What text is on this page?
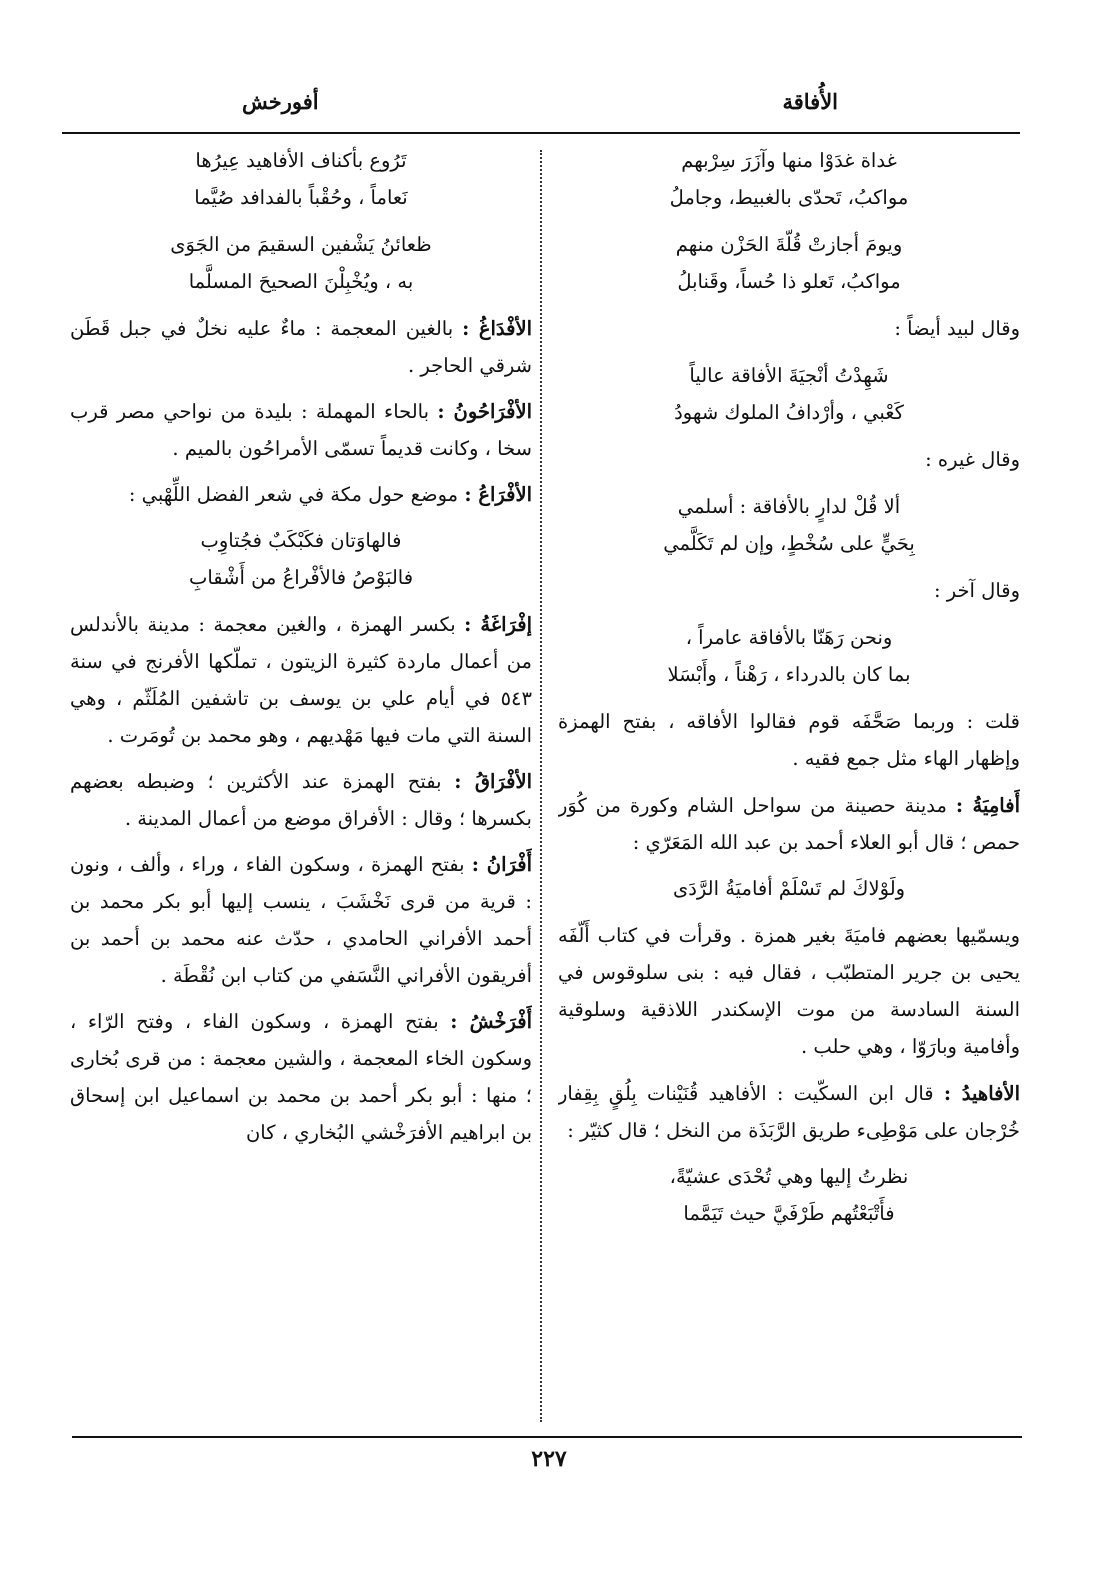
الأُفاقة
أفورخش
غداة غدَوْا منها وآزَرَ سِرْبهم
مواكبُ، تَحدّى بالغبيط، وجاملُ
ويومَ أجازتْ قُلّةَ الحَزْن منهم
مواكبُ، تَعلو ذا حُساً، وقَنابلُ
وقال لبيد أيضاً :
شَهِدْتُ أنْجيَةَ الأفاقة عالياً
كَعْبي ، وأرْدافُ الملوك شهودُ
وقال غيره :
ألا قُلْ لدارٍ بالأفاقة : أسلمي
بِحَيٍّ على سُخْطٍ، وإن لم تَكَلَّمي
وقال آخر :
ونحن رَهَنّا بالأفاقة عامراً ،
بما كان بالدرداء ، رَهْناً ، وأَبْسَلا
قلت : وربما صَحَّفَه قوم فقالوا الأفاقه ، بفتح الهمزة وإظهار الهاء مثل جمع فقيه .
أَفامِيَةُ : مدينة حصينة من سواحل الشام وكورة من كُوَر حمص ؛ قال أبو العلاء أحمد بن عبد الله المَعَرّي :
ولَوْلاكَ لم تَسْلَمْ أفاميَةُ الرَّدَى
ويسمّيها بعضهم فاميَةَ بغير همزة . وقرأت في كتاب أَلّفَه يحيى بن جرير المتطبّب ، فقال فيه : بنى سلوقوس في السنة السادسة من موت الإسكندر اللاذقية وسلوقية وأفامية وبارَوّا ، وهي حلب .
الأفاهيدُ : قال ابن السكّيت : الأفاهيد قُنَيْنات بِلُقٍ بِقِفار خُرْجان على مَوْطِىء طريق الرَّبَذَة من النخل ؛ قال كثيّر :
نظرتُ إليها وهي تُحْدَى عشيّةً،
فأَتْبَعْتُهم طَرْفَيَّ حيث تَيَمَّما
تَرُوع بأكناف الأفاهيد عِيرُها
نَعاماً ، وحُقْباً بالفدافد صُيَّما
ظعائنُ يَشْفين السقيمَ من الجَوَى
به ، ويُخْبِلْنَ الصحيحَ المسلَّما
الأفْدَاغُ : بالغين المعجمة : ماءٌ عليه نخلٌ في جبل قَطَن شرقي الحاجر .
الأفْرَاحُونُ : بالحاء المهملة : بليدة من نواحي مصر قرب سخا ، وكانت قديماً تسمّى الأمراحُون بالميم .
الأفْرَاعُ : موضع حول مكة في شعر الفضل اللِّهْبي :
فالهاوَتان فكَبْكَبٌ فجُتاوِب
فالبَوْصُ فالأفْراعُ من أَشْقابِ
إفْرَاغَةُ : بكسر الهمزة ، والغين معجمة : مدينة بالأندلس من أعمال ماردة كثيرة الزيتون ، تملّكها الأفرنج في سنة ٥٤٣ في أيام علي بن يوسف بن تاشفين المُلَثّم ، وهي السنة التي مات فيها مَهْديهم ، وهو محمد بن تُومَرت .
الأفْرَاقُ : بفتح الهمزة عند الأكثرين ؛ وضبطه بعضهم بكسرها ؛ وقال : الأفراق موضع من أعمال المدينة .
أَفْرَانُ : بفتح الهمزة ، وسكون الفاء ، وراء ، وألف ، ونون : قرية من قرى نَخْشَبَ ، ينسب إليها أبو بكر محمد بن أحمد الأفراني الحامدي ، حدّث عنه محمد بن أحمد بن أفريقون الأفراني النَّسَفي من كتاب ابن نُقْطَة .
أَفْرَخْشُ : بفتح الهمزة ، وسكون الفاء ، وفتح الرّاء ، وسكون الخاء المعجمة ، والشين معجمة : من قرى بُخارى ؛ منها : أبو بكر أحمد بن محمد بن اسماعيل ابن إسحاق بن ابراهيم الأفرَخْشي البُخاري ، كان
٢٢٧
